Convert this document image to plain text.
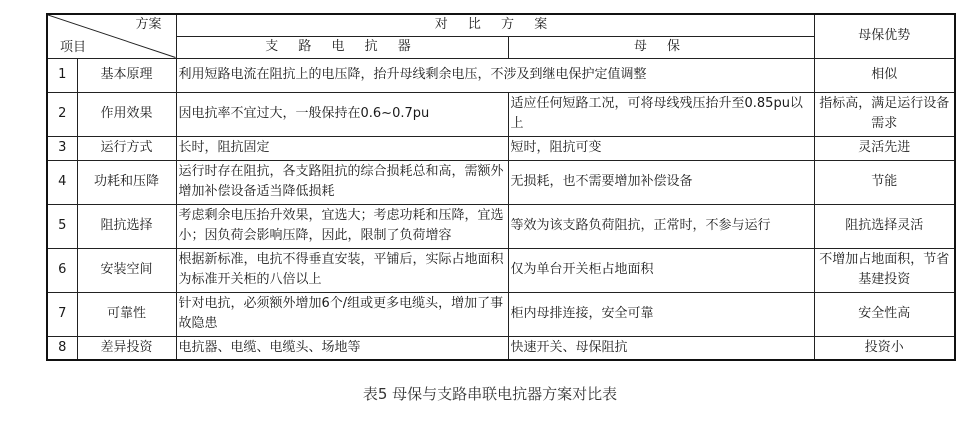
方案
项目		对 比 方 案		母保优势
		支 路 电 抗 器	母 保	
1	基本原理	利用短路电流在阻抗上的电压降，抬升母线剩余电压，不涉及到继电保护定值调整		相似
2	作用效果	因电抗率不宜过大，一般保持在0.6~0.7pu	适应任何短路工况，可将母线残压抬升至0.85pu以上	指标高，满足运行设备需求
3	运行方式	长时，阻抗固定	短时，阻抗可变	灵活先进
4	功耗和压降	运行时存在阻抗，各支路阻抗的综合损耗总和高，需额外增加补偿设备适当降低损耗	无损耗，也不需要增加补偿设备	节能
5	阻抗选择	考虑剩余电压抬升效果，宜选大；考虑功耗和压降，宜选小；因负荷会影响压降，因此，限制了负荷增容	等效为该支路负荷阻抗，正常时，不参与运行	阻抗选择灵活
6	安装空间	根据新标准，电抗不得垂直安装，平铺后，实际占地面积为标准开关柜的八倍以上	仅为单台开关柜占地面积	不增加占地面积，节省基建投资
7	可靠性	针对电抗，必须额外增加6个/组或更多电缆头，增加了事故隐患	柜内母排连接，安全可靠	安全性高
8	差异投资	电抗器、电缆、电缆头、场地等	快速开关、母保阻抗	投资小
表5 母保与支路串联电抗器方案对比表
